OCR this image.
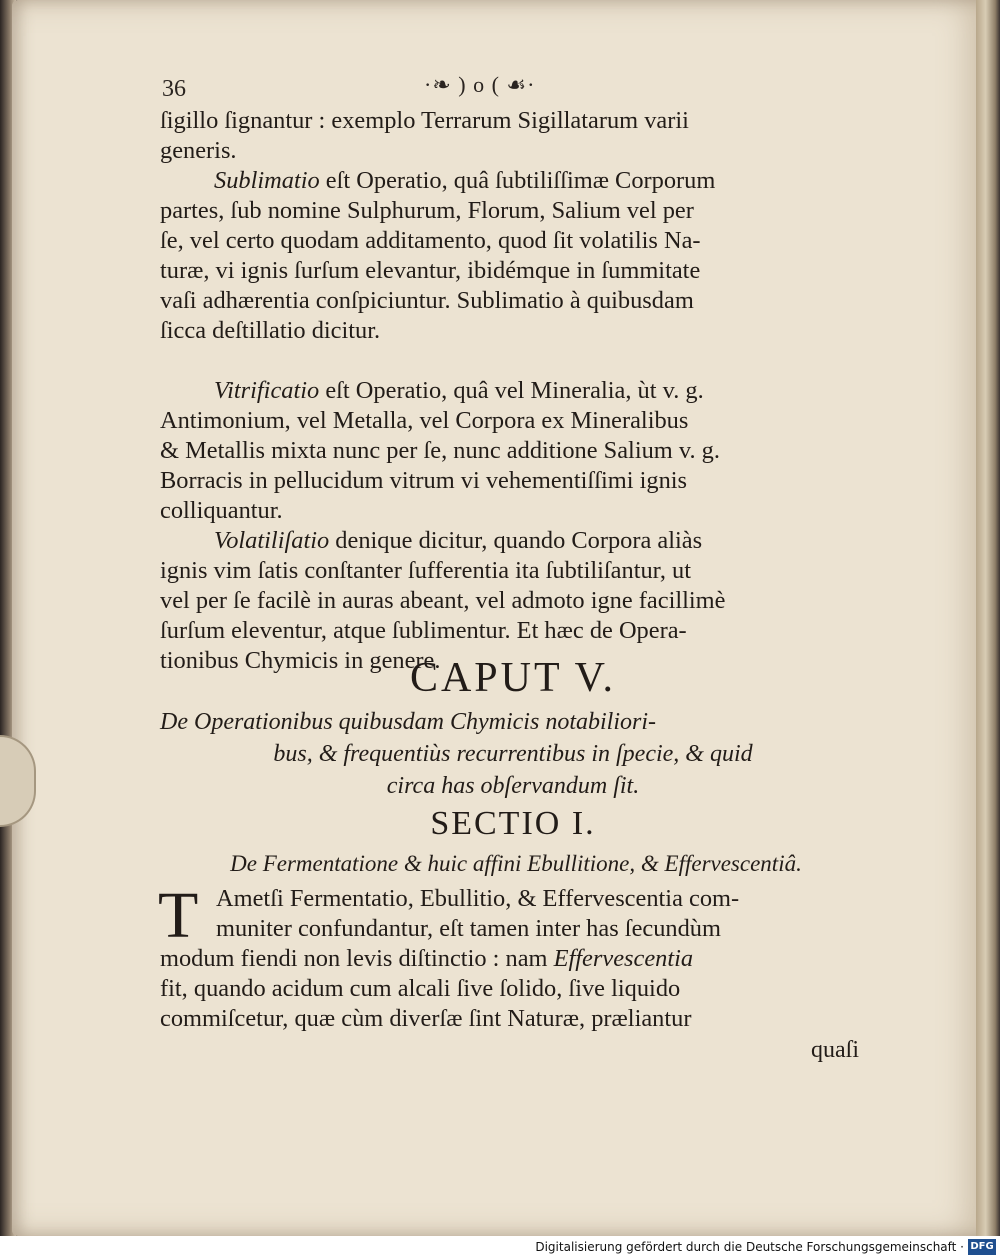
36	·❧ ) o ( ☙·
ſigillo ſignantur : exemplo Terrarum Sigillatarum varii
generis.
Sublimatio eſt Operatio, quâ ſubtiliſſimæ Corporum
partes, ſub nomine Sulphurum, Florum, Salium vel per
ſe, vel certo quodam additamento, quod ſit volatilis Na-
turæ, vi ignis ſurſum elevantur, ibidémque in ſummitate
vaſi adhærentia conſpiciuntur. Sublimatio à quibusdam
ſicca deſtillatio dicitur.
Vitrificatio eſt Operatio, quâ vel Mineralia, ùt v. g.
Antimonium, vel Metalla, vel Corpora ex Mineralibus
& Metallis mixta nunc per ſe, nunc additione Salium v. g.
Borracis in pellucidum vitrum vi vehementiſſimi ignis
colliquantur.
Volatiliſatio denique dicitur, quando Corpora aliàs
ignis vim ſatis conſtanter ſufferentia ita ſubtiliſantur, ut
vel per ſe facilè in auras abeant, vel admoto igne facillimè
ſurſum eleventur, atque ſublimentur. Et hæc de Opera-
tionibus Chymicis in genere.
CAPUT V.
De Operationibus quibusdam Chymicis notabiliori-
bus, & frequentiùs recurrentibus in ſpecie, & quid
circa has obſervandum ſit.
SECTIO I.
De Fermentatione & huic affini Ebullitione, & Effervescentiâ.
T Ametſi Fermentatio, Ebullitio, & Effervescentia com-
muniter confundantur, eſt tamen inter has ſecundùm
modum fiendi non levis diſtinctio : nam Effervescentia
fit, quando acidum cum alcali ſive ſolido, ſive liquido
commiſcetur, quæ cùm diverſæ ſint Naturæ, præliantur
quaſi
Digitalisierung gefördert durch die Deutsche Forschungsgemeinschaft · DFG
